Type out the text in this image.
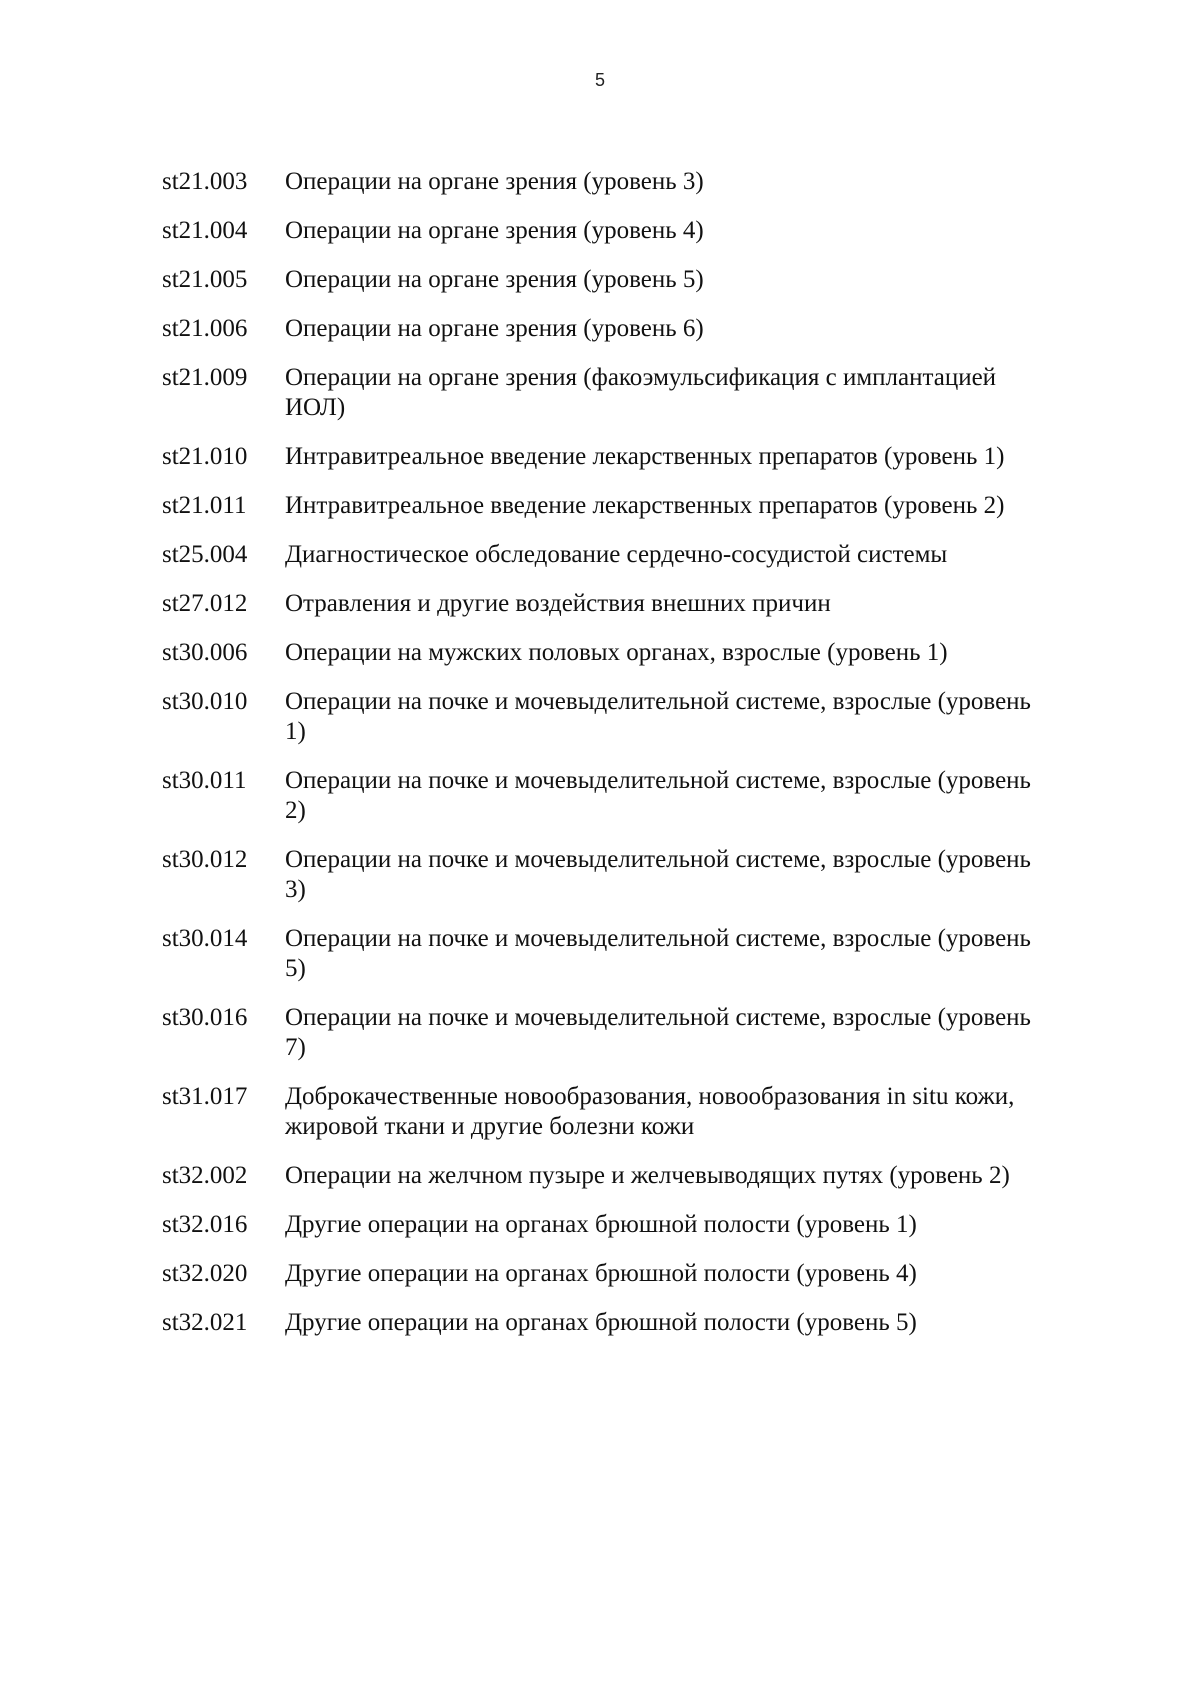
5
st21.003	Операции на органе зрения (уровень 3)
st21.004	Операции на органе зрения (уровень 4)
st21.005	Операции на органе зрения (уровень 5)
st21.006	Операции на органе зрения (уровень 6)
st21.009	Операции на органе зрения (факоэмульсификация с имплантацией ИОЛ)
st21.010	Интравитреальное введение лекарственных препаратов (уровень 1)
st21.011	Интравитреальное введение лекарственных препаратов (уровень 2)
st25.004	Диагностическое обследование сердечно-сосудистой системы
st27.012	Отравления и другие воздействия внешних причин
st30.006	Операции на мужских половых органах, взрослые (уровень 1)
st30.010	Операции на почке и мочевыделительной системе, взрослые (уровень 1)
st30.011	Операции на почке и мочевыделительной системе, взрослые (уровень 2)
st30.012	Операции на почке и мочевыделительной системе, взрослые (уровень 3)
st30.014	Операции на почке и мочевыделительной системе, взрослые (уровень 5)
st30.016	Операции на почке и мочевыделительной системе, взрослые (уровень 7)
st31.017	Доброкачественные новообразования, новообразования in situ кожи, жировой ткани и другие болезни кожи
st32.002	Операции на желчном пузыре и желчевыводящих путях (уровень 2)
st32.016	Другие операции на органах брюшной полости (уровень 1)
st32.020	Другие операции на органах брюшной полости (уровень 4)
st32.021	Другие операции на органах брюшной полости (уровень 5)
